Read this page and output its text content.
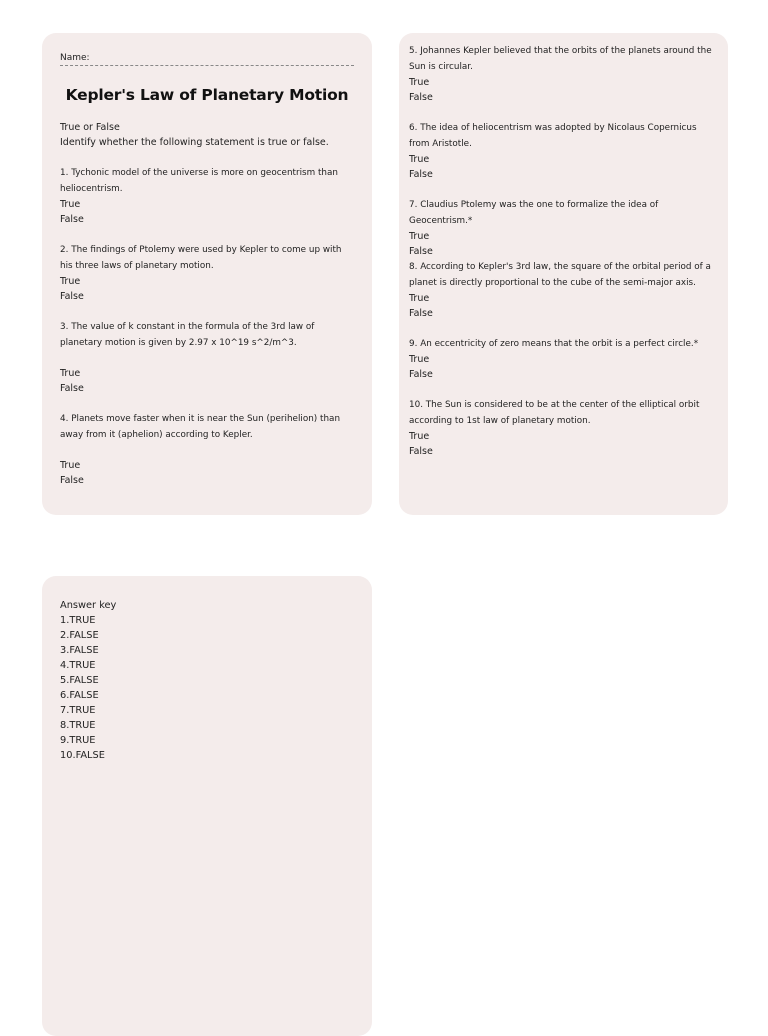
Name:
Kepler's Law of Planetary Motion
True or False
Identify whether the following statement is true or false.
1. Tychonic model of the universe is more on geocentrism than heliocentrism.
True
False
2. The findings of Ptolemy were used by Kepler to come up with his three laws of planetary motion.
True
False
3. The value of k constant in the formula of the 3rd law of planetary motion is given by 2.97 x 10^19 s^2/m^3.
True
False
4. Planets move faster when it is near the Sun (perihelion) than away from it (aphelion) according to Kepler.
True
False
5. Johannes Kepler believed that the orbits of the planets around the Sun is circular.
True
False
6. The idea of heliocentrism was adopted by Nicolaus Copernicus from Aristotle.
True
False
7. Claudius Ptolemy was the one to formalize the idea of Geocentrism.*
True
False
8. According to Kepler's 3rd law, the square of the orbital period of a planet is directly proportional to the cube of the semi-major axis.
True
False
9. An eccentricity of zero means that the orbit is a perfect circle.*
True
False
10. The Sun is considered to be at the center of the elliptical orbit according to 1st law of planetary motion.
True
False
Answer key
1.TRUE
2.FALSE
3.FALSE
4.TRUE
5.FALSE
6.FALSE
7.TRUE
8.TRUE
9.TRUE
10.FALSE
